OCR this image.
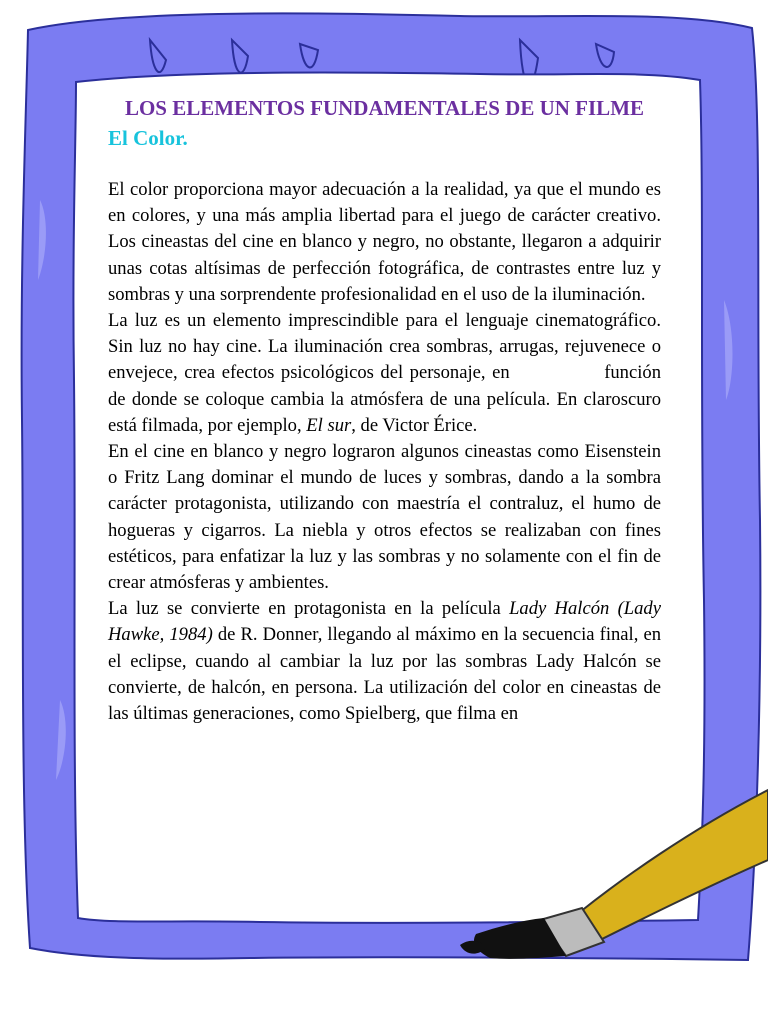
LOS ELEMENTOS FUNDAMENTALES DE UN FILME
El Color.

El color proporciona mayor adecuación a la realidad, ya que el mundo es en colores, y una más amplia libertad para el juego de carácter creativo. Los cineastas del cine en blanco y negro, no obstante, llegaron a adquirir unas cotas altísimas de perfección fotográfica, de contrastes entre luz y sombras y una sorprendente profesionalidad en el uso de la iluminación.

La luz es un elemento imprescindible para el lenguaje cinematográfico. Sin luz no hay cine. La iluminación crea sombras, arrugas, rejuvenece o envejece, crea efectos psicológicos del personaje, en	función de donde se coloque cambia la atmósfera de una película. En claroscuro está filmada, por ejemplo, El sur, de Victor Érice.

En el cine en blanco y negro lograron algunos cineastas como Eisenstein o Fritz Lang dominar el mundo de luces y sombras, dando a la sombra carácter protagonista, utilizando con maestría el contraluz, el humo de hogueras y cigarros. La niebla y otros efectos se realizaban con fines estéticos, para enfatizar la luz y las sombras y no solamente con el fin de crear atmósferas y ambientes.

La luz se convierte en protagonista en la película Lady Halcón (Lady Hawke, 1984) de R. Donner, llegando al máximo en la secuencia final, en el eclipse, cuando al cambiar la luz por las sombras Lady Halcón se convierte, de halcón, en persona. La utilización del color en cineastas de las últimas generaciones, como Spielberg, que filma en
